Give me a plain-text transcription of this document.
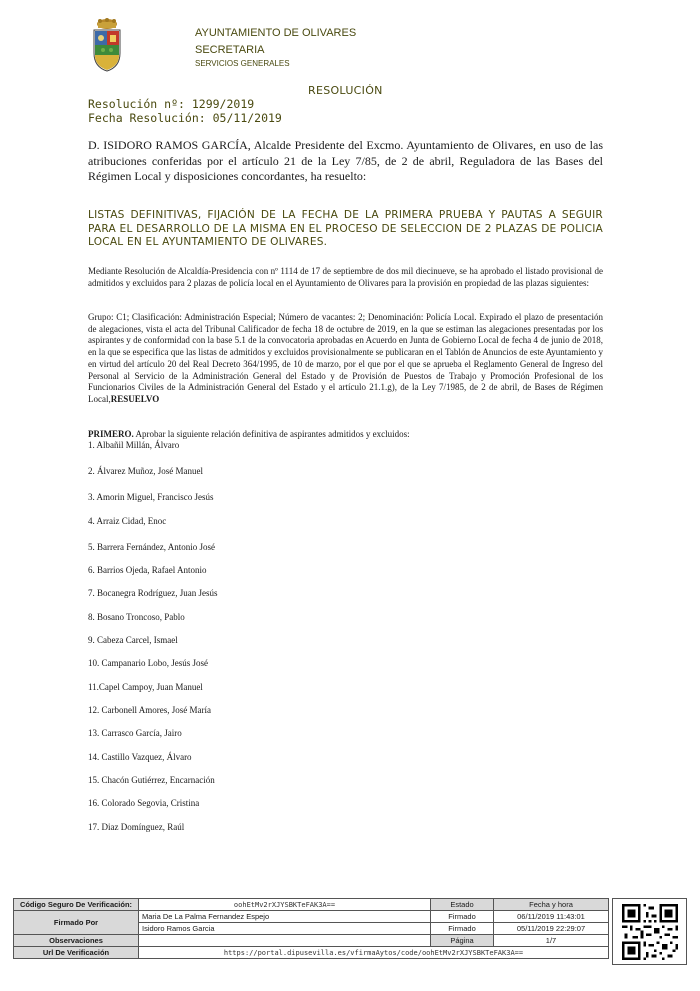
AYUNTAMIENTO DE OLIVARES
SECRETARIA
SERVICIOS GENERALES
RESOLUCIÓN
Resolución nº: 1299/2019
Fecha Resolución: 05/11/2019
D. ISIDORO RAMOS GARCÍA, Alcalde Presidente del Excmo. Ayuntamiento de Olivares, en uso de las atribuciones conferidas por el artículo 21 de la Ley 7/85, de 2 de abril, Reguladora de las Bases del Régimen Local y disposiciones concordantes, ha resuelto:
LISTAS DEFINITIVAS, FIJACIÓN DE LA FECHA DE LA PRIMERA PRUEBA Y PAUTAS A SEGUIR PARA EL DESARROLLO DE LA MISMA EN EL PROCESO DE SELECCION DE 2 PLAZAS DE POLICIA LOCAL EN EL AYUNTAMIENTO DE OLIVARES.
Mediante Resolución de Alcaldía-Presidencia con nº 1114 de 17 de septiembre de dos mil diecinueve, se ha aprobado el listado provisional de admitidos y excluidos para 2 plazas de policía local en el Ayuntamiento de Olivares para la provisión en propiedad de las plazas siguientes:
Grupo: C1; Clasificación: Administración Especial; Número de vacantes: 2; Denominación: Policía Local. Expirado el plazo de presentación de alegaciones, vista el acta del Tribunal Calificador de fecha 18 de octubre de 2019, en la que se estiman las alegaciones presentadas por los aspirantes y de conformidad con la base 5.1 de la convocatoria aprobadas en Acuerdo en Junta de Gobierno Local de fecha 4 de junio de 2018, en la que se especifica que las listas de admitidos y excluidos provisionalmente se publicaran en el Tablón de Anuncios de este Ayuntamiento y en virtud del artículo 20 del Real Decreto 364/1995, de 10 de marzo, por el que por el que se aprueba el Reglamento General de Ingreso del Personal al Servicio de la Administración General del Estado y de Provisión de Puestos de Trabajo y Promoción Profesional de los Funcionarios Civiles de la Administración General del Estado y el artículo 21.1.g), de la Ley 7/1985, de 2 de abril, de Bases de Régimen Local,RESUELVO
PRIMERO. Aprobar la siguiente relación definitiva de aspirantes admitidos y excluidos:
1. Albañil Millán, Álvaro
2. Álvarez Muñoz, José Manuel
3. Amorin Miguel, Francisco Jesús
4. Arraiz Cidad, Enoc
5. Barrera Fernández, Antonio José
6. Barrios Ojeda, Rafael Antonio
7. Bocanegra Rodríguez, Juan Jesús
8. Bosano Troncoso, Pablo
9. Cabeza Carcel, Ismael
10. Campanario Lobo, Jesús José
11.Capel Campoy, Juan Manuel
12. Carbonell Amores, José María
13. Carrasco García, Jairo
14. Castillo Vazquez, Álvaro
15. Chacón Gutiérrez, Encarnación
16. Colorado Segovia, Cristina
17. Diaz Domínguez, Raúl
Código Seguro De Verificación:	oohEtMv2rXJYSBKTeFAK3A==	Estado	Fecha y hora
Firmado Por	Maria De La Palma Fernandez Espejo	Firmado	06/11/2019 11:43:01
	Isidoro Ramos Garcia	Firmado	05/11/2019 22:29:07
Observaciones		Página	1/7
Url De Verificación	https://portal.dipusevilla.es/vfirmaAytos/code/oohEtMv2rXJYSBKTeFAK3A==		
